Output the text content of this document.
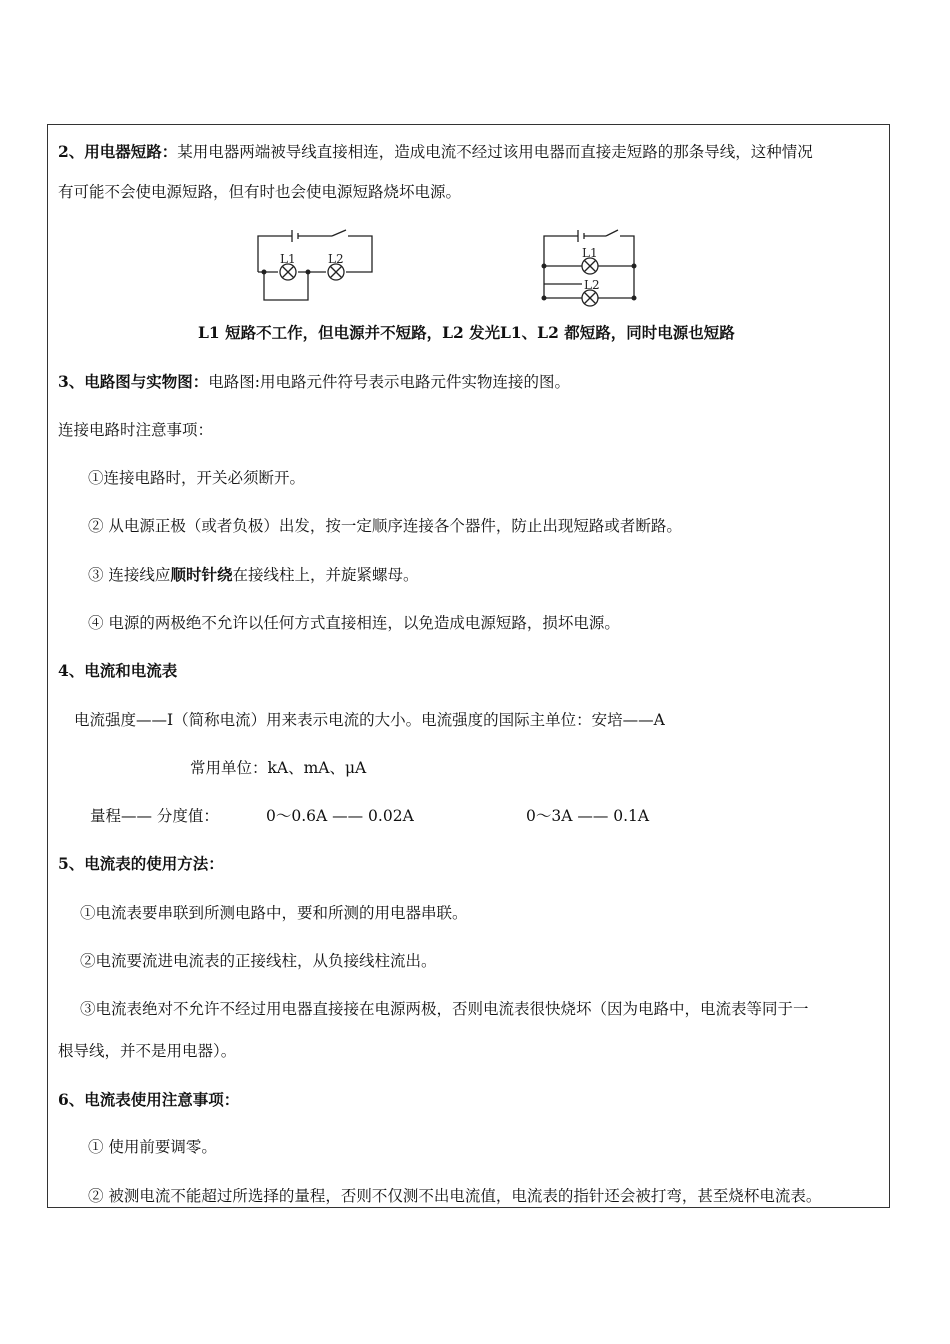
2、用电器短路：某用电器两端被导线直接相连，造成电流不经过该用电器而直接走短路的那条导线，这种情况
有可能不会使电源短路，但有时也会使电源短路烧坏电源。
L1	L2	L1
L2
L1 短路不工作，但电源并不短路，L2 发光 L1、L2 都短路，同时电源也短路
3、电路图与实物图：电路图:用电路元件符号表示电路元件实物连接的图。
连接电路时注意事项：
①连接电路时，开关必须断开。
② 从电源正极（或者负极）出发，按一定顺序连接各个器件，防止出现短路或者断路。
③ 连接线应顺时针绕在接线柱上，并旋紧螺母。
④ 电源的两极绝不允许以任何方式直接相连，以免造成电源短路，损坏电源。
4、电流和电流表
电流强度——I（简称电流）用来表示电流的大小。电流强度的国际主单位：安培——A
常用单位：kA、mA、μA
量程—— 分度值：	0～0.6A —— 0.02A	0～3A —— 0.1A
5、电流表的使用方法：
①电流表要串联到所测电路中，要和所测的用电器串联。
②电流要流进电流表的正接线柱，从负接线柱流出。
③电流表绝对不允许不经过用电器直接接在电源两极，否则电流表很快烧坏（因为电路中，电流表等同于一
根导线，并不是用电器）。
6、电流表使用注意事项：
① 使用前要调零。
② 被测电流不能超过所选择的量程，否则不仅测不出电流值，电流表的指针还会被打弯，甚至烧杯电流表。
